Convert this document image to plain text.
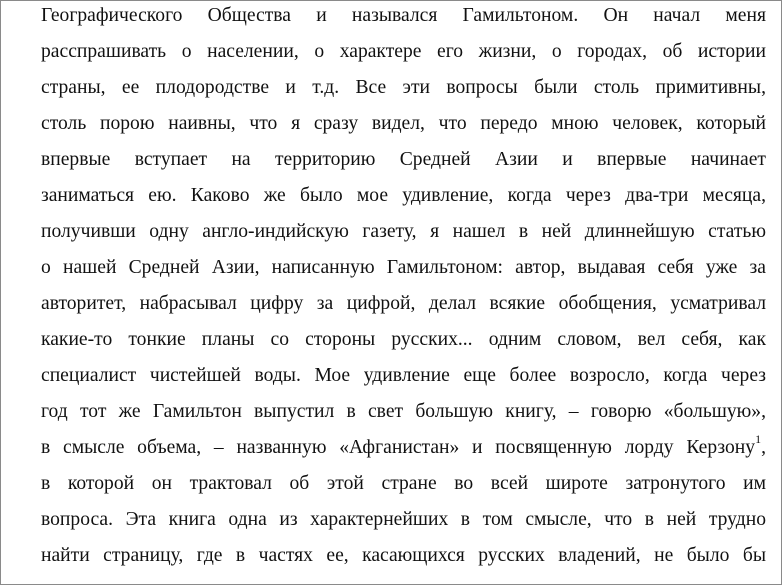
Географического Общества и назывался Гамильтоном. Он начал меня
расспрашивать о населении, о характере его жизни, о городах, об истории
страны, ее плодородстве и т.д. Все эти вопросы были столь примитивны,
столь порою наивны, что я сразу видел, что передо мною человек, который
впервые вступает на территорию Средней Азии и впервые начинает
заниматься ею. Каково же было мое удивление, когда через два-три месяца,
получивши одну англо-индийскую газету, я нашел в ней длиннейшую статью
о нашей Средней Азии, написанную Гамильтоном: автор, выдавая себя уже за
авторитет, набрасывал цифру за цифрой, делал всякие обобщения, усматривал
какие-то тонкие планы со стороны русских... одним словом, вел себя, как
специалист чистейшей воды. Мое удивление еще более возросло, когда через
год тот же Гамильтон выпустил в свет большую книгу, – говорю «большую»,
в смысле объема, – названную «Афганистан» и посвященную лорду Керзону$^1$,
в которой он трактовал об этой стране во всей широте затронутого им
вопроса. Эта книга одна из характернейших в том смысле, что в ней трудно
найти страницу, где в частях ее, касающихся русских владений, не было бы
